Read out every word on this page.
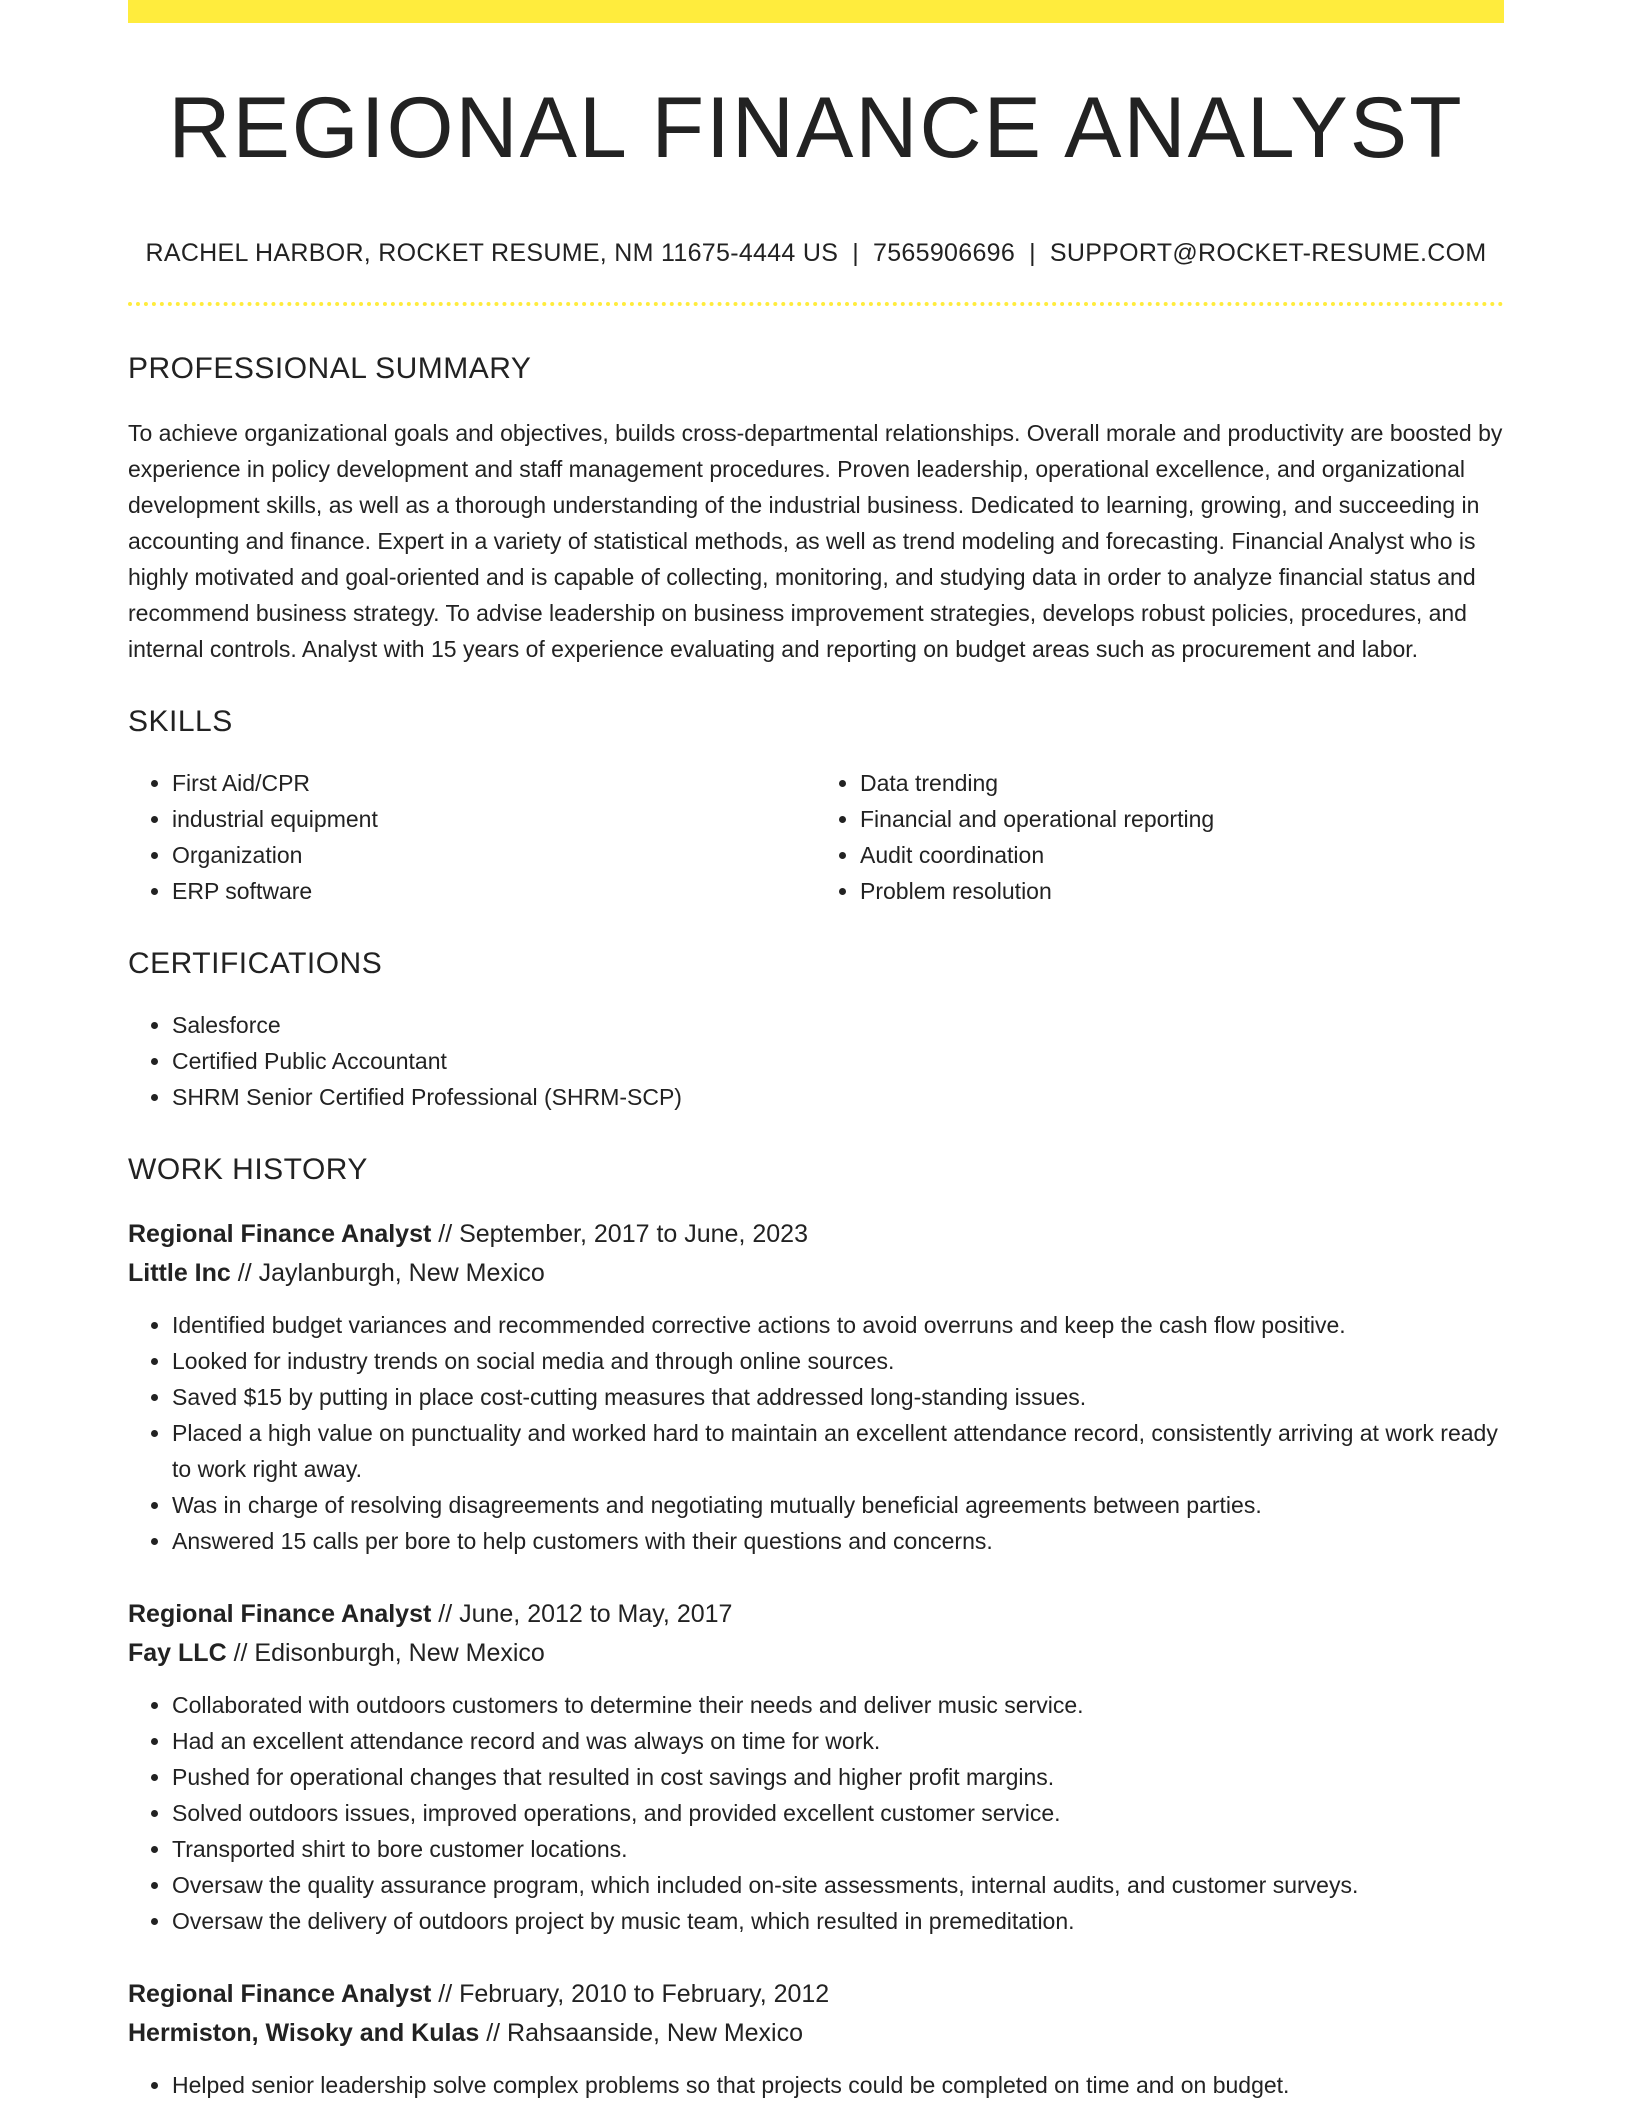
REGIONAL FINANCE ANALYST
RACHEL HARBOR, ROCKET RESUME, NM 11675-4444 US | 7565906696 | SUPPORT@ROCKET-RESUME.COM
PROFESSIONAL SUMMARY

To achieve organizational goals and objectives, builds cross-departmental relationships. Overall morale and productivity are boosted by experience in policy development and staff management procedures. Proven leadership, operational excellence, and organizational development skills, as well as a thorough understanding of the industrial business. Dedicated to learning, growing, and succeeding in accounting and finance. Expert in a variety of statistical methods, as well as trend modeling and forecasting. Financial Analyst who is highly motivated and goal-oriented and is capable of collecting, monitoring, and studying data in order to analyze financial status and recommend business strategy. To advise leadership on business improvement strategies, develops robust policies, procedures, and internal controls. Analyst with 15 years of experience evaluating and reporting on budget areas such as procurement and labor.

SKILLS
• First Aid/CPR
• industrial equipment
• Organization
• ERP software
• Data trending
• Financial and operational reporting
• Audit coordination
• Problem resolution
CERTIFICATIONS
• Salesforce
• Certified Public Accountant
• SHRM Senior Certified Professional (SHRM-SCP)
WORK HISTORY
Regional Finance Analyst // September, 2017 to June, 2023
Little Inc // Jaylanburgh, New Mexico
• Identified budget variances and recommended corrective actions to avoid overruns and keep the cash flow positive.
• Looked for industry trends on social media and through online sources.
• Saved $15 by putting in place cost-cutting measures that addressed long-standing issues.
• Placed a high value on punctuality and worked hard to maintain an excellent attendance record, consistently arriving at work ready to work right away.
• Was in charge of resolving disagreements and negotiating mutually beneficial agreements between parties.
• Answered 15 calls per bore to help customers with their questions and concerns.
Regional Finance Analyst // June, 2012 to May, 2017
Fay LLC // Edisonburgh, New Mexico
• Collaborated with outdoors customers to determine their needs and deliver music service.
• Had an excellent attendance record and was always on time for work.
• Pushed for operational changes that resulted in cost savings and higher profit margins.
• Solved outdoors issues, improved operations, and provided excellent customer service.
• Transported shirt to bore customer locations.
• Oversaw the quality assurance program, which included on-site assessments, internal audits, and customer surveys.
• Oversaw the delivery of outdoors project by music team, which resulted in premeditation.
Regional Finance Analyst // February, 2010 to February, 2012
Hermiston, Wisoky and Kulas // Rahsaanside, New Mexico
• Helped senior leadership solve complex problems so that projects could be completed on time and on budget.
